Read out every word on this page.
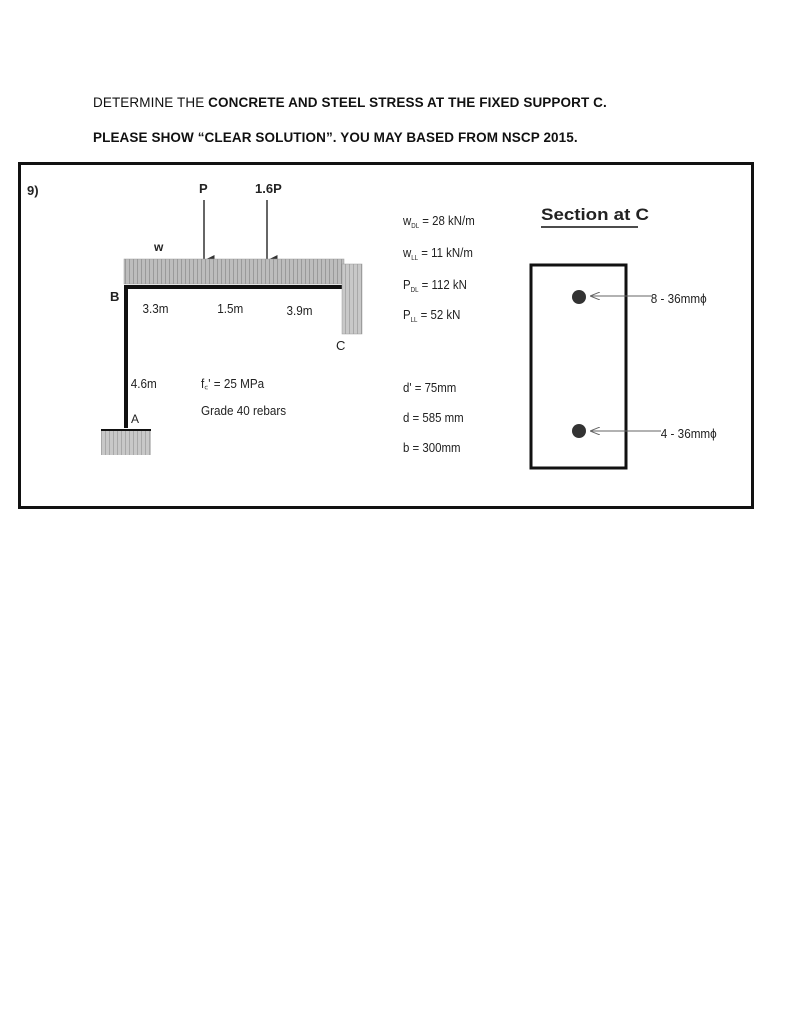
DETERMINE THE CONCRETE AND STEEL STRESS AT THE FIXED SUPPORT C.
PLEASE SHOW “CLEAR SOLUTION”. YOU MAY BASED FROM NSCP 2015.
9)	P	1.6P
w
C
B
A
3.3m	1.5m	3.9m
4.6m	f꜀' = 25 MPa
Grade 40 rebars
$w_{DL} = 28$ kN/m
$w_{LL} = 11$ kN/m
$P_{DL} = 112$ kN
$P_{LL} = 52$ kN
d' = 75mm
d = 585 mm
b = 300mm
Section at C
8 - 36mmϕ
4 - 36mmϕ
